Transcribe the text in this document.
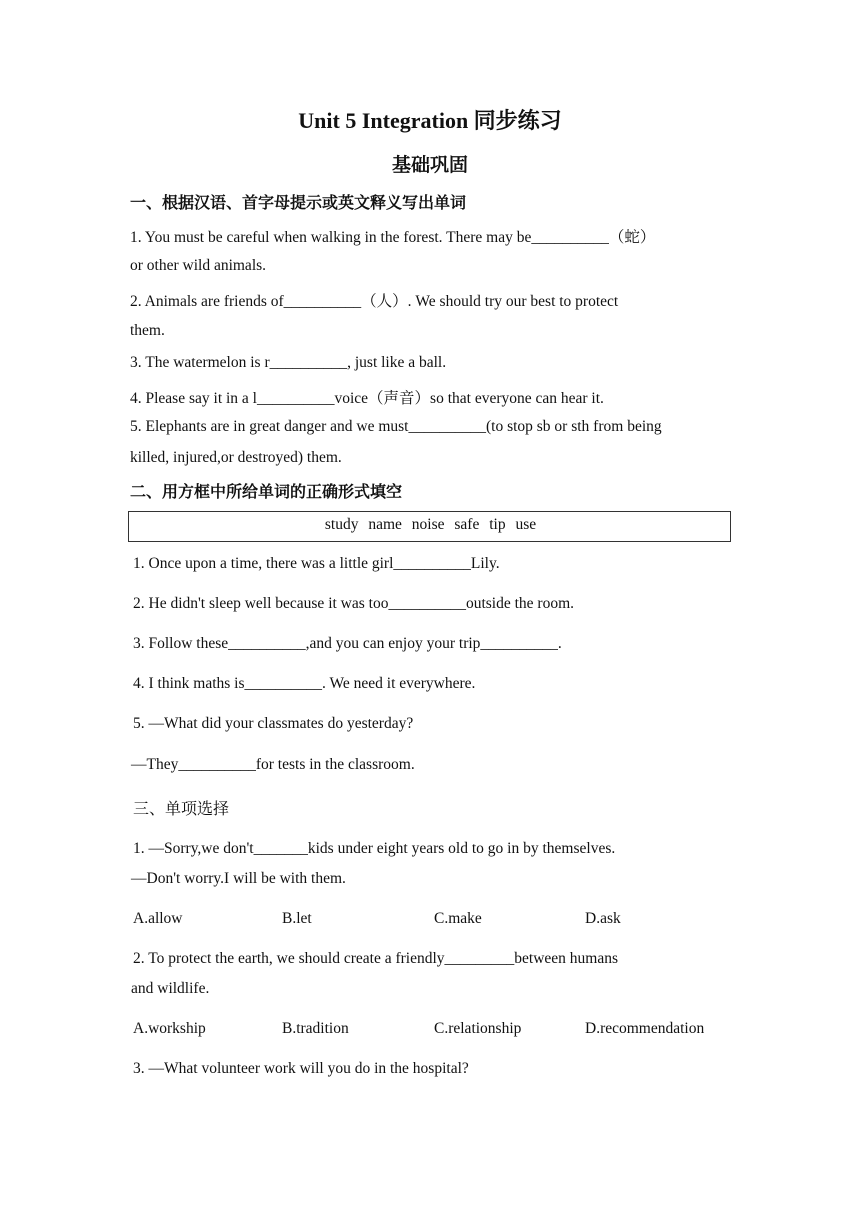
Unit 5 Integration 同步练习
基础巩固
一、根据汉语、首字母提示或英文释义写出单词
1. You must be careful when walking in the forest. There may be__________（蛇）
or other wild animals.
2. Animals are friends of__________（人）. We should try our best to protect
them.
3. The watermelon is r__________, just like a ball.
4. Please say it in a l__________voice（声音）so that everyone can hear it.
5. Elephants are in great danger and we must__________(to stop sb or sth from being
killed, injured,or destroyed) them.
二、用方框中所给单词的正确形式填空
study name noise safe tip use
1. Once upon a time, there was a little girl__________Lily.
2. He didn't sleep well because it was too__________outside the room.
3. Follow these__________,and you can enjoy your trip__________.
4. I think maths is__________. We need it everywhere.
5. —What did your classmates do yesterday?
—They__________for tests in the classroom.
三、单项选择
1. —Sorry,we don't_______kids under eight years old to go in by themselves.
—Don't worry.I will be with them.
A.allow	B.let	C.make	D.ask
2. To protect the earth, we should create a friendly_________between humans
and wildlife.
A.workship	B.tradition	C.relationship	D.recommendation
3. —What volunteer work will you do in the hospital?
